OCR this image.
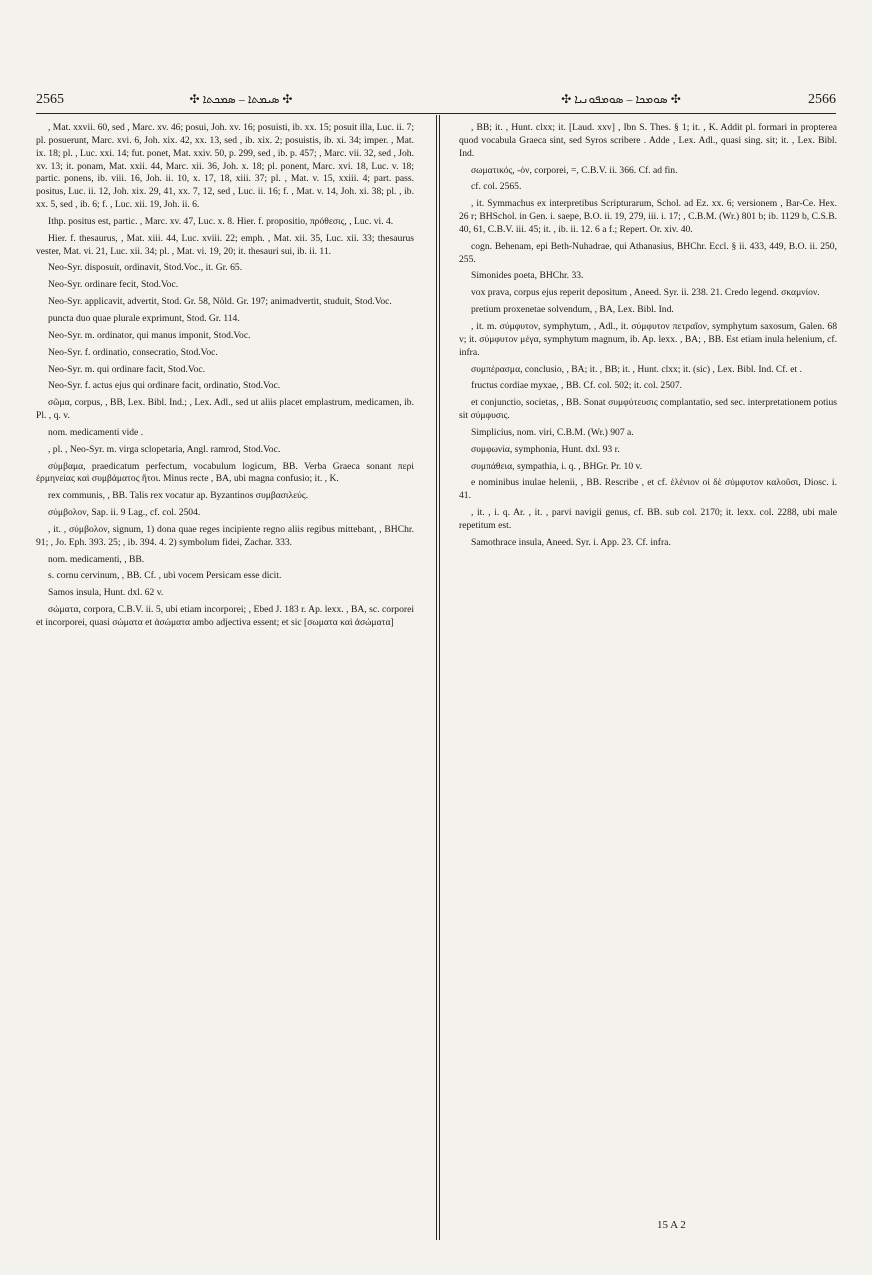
2565	✣ ܣܝܡܬܐ – ܣܡܟܬܐ ✣	✣ ܣܘܡܟܐ – ܣܘܡܦܘܢܝܐ ✣	2566

, Mat. xxvii. 60, sed , Marc. xv. 46; posui, Joh. xv. 16; posuisti, ib. xx. 15; posuit illa, Luc. ii. 7; pl. posuerunt, Marc. xvi. 6, Joh. xix. 42, xx. 13, sed , ib. xix. 2; posuistis, ib. xi. 34; imper. , Mat. ix. 18; pl. , Luc. xxi. 14; fut. ponet, Mat. xxiv. 50, p. 299, sed , ib. p. 457; , Marc. vii. 32, sed , Joh. xv. 13; it. ponam, Mat. xxii. 44, Marc. xii. 36, Joh. x. 18; pl. ponent, Marc. xvi. 18, Luc. v. 18; partic. ponens, ib. viii. 16, Joh. ii. 10, x. 17, 18, xiii. 37; pl. , Mat. v. 15, xxiii. 4; part. pass. positus, Luc. ii. 12, Joh. xix. 29, 41, xx. 7, 12, sed , Luc. ii. 16; f. , Mat. v. 14, Joh. xi. 38; pl. , ib. xx. 5, sed , ib. 6; f. , Luc. xii. 19, Joh. ii. 6.

Ithp. positus est, partic. , Marc. xv. 47, Luc. x. 8. Hier. f. propositio, πρόθεσις, , Luc. vi. 4.

Hier. f. thesaurus, , Mat. xiii. 44, Luc. xviii. 22; emph. , Mat. xii. 35, Luc. xii. 33; thesaurus vester, Mat. vi. 21, Luc. xii. 34; pl. , Mat. vi. 19, 20; it. thesauri sui, ib. ii. 11.

Neo-Syr. disposuit, ordinavit, Stod.Voc., it. Gr. 65.

Neo-Syr. ordinare fecit, Stod.Voc.

Neo-Syr. applicavit, advertit, Stod. Gr. 58, Nöld. Gr. 197; animadvertit, studuit, Stod.Voc.

puncta duo quae plurale exprimunt, Stod. Gr. 114.

Neo-Syr. m. ordinator, qui manus imponit, Stod.Voc.

Neo-Syr. f. ordinatio, consecratio, Stod.Voc.

Neo-Syr. m. qui ordinare facit, Stod.Voc.

Neo-Syr. f. actus ejus qui ordinare facit, ordinatio, Stod.Voc.

σῶμα, corpus, , BB, Lex. Bibl. Ind.; , Lex. Adl., sed ut aliis placet emplastrum, medicamen, ib. Pl. , q. v.

nom. medicamenti vide .

, pl. , Neo-Syr. m. virga sclopetaria, Angl. ramrod, Stod.Voc.

σύμβαμα, praedicatum perfectum, vocabulum logicum, BB. Verba Graeca sonant περὶ ἑρμηνείας καὶ συμβάματος ἤτοι. Minus recte , BA, ubi magna confusio; it. , K.

rex communis, , BB. Talis rex vocatur ap. Byzantinos συμβασιλεύς.

σύμβολον, Sap. ii. 9 Lag., cf. col. 2504.

, it. , σύμβολον, signum, 1) dona quae reges incipiente regno aliis regibus mittebant, , BHChr. 91; , Jo. Eph. 393. 25; , ib. 394. 4. 2) symbolum fidei, Zachar. 333.

nom. medicamenti, , BB.

s. cornu cervinum, , BB. Cf. , ubi vocem Persicam esse dicit.

Samos insula, Hunt. dxl. 62 v.

σώματα, corpora, C.B.V. ii. 5, ubi etiam incorporei; , Ebed J. 183 r. Ap. lexx. , BA, sc. corporei et incorporei, quasi σώματα et ἀσώματα ambo adjectiva essent; et sic [σωματα καὶ ἀσώματα]

, BB; it. , Hunt. clxx; it. [Laud. xxv] , Ibn S. Thes. § 1; it. , K. Addit pl. formari in propterea quod vocabula Graeca sint, sed Syros scribere . Adde , Lex. Adl., quasi sing. sit; it. , Lex. Bibl. Ind.

σωματικός, -όν, corporei, =, C.B.V. ii. 366. Cf. ad fin.

cf. col. 2565.

, it. Symmachus ex interpretibus Scripturarum, Schol. ad Ez. xx. 6; versionem , Bar-Ce. Hex. 26 r; BHSchol. in Gen. i. saepe, B.O. ii. 19, 279, iii. i. 17; , C.B.M. (Wr.) 801 b; ib. 1129 b, C.S.B. 40, 61, C.B.V. iii. 45; it. , ib. ii. 12. 6 a f.; Repert. Or. xiv. 40.

cogn. Behenam, epi Beth-Nuhadrae, qui Athanasius, BHChr. Eccl. § ii. 433, 449, B.O. ii. 250, 255.

Simonides poeta, BHChr. 33.

vox prava, corpus ejus reperit depositum , Aneed. Syr. ii. 238. 21. Credo legend. σκαμνίον.

pretium proxenetae solvendum, , BA, Lex. Bibl. Ind.

, it. m. σύμφυτον, symphytum, , Adl., it. σύμφυτον πετραῖον, symphytum saxosum, Galen. 68 v; it. σύμφυτον μέγα, symphytum magnum, ib. Ap. lexx. , BA; , BB. Est etiam inula helenium, cf. infra.

συμπέρασμα, conclusio, , BA; it. , BB; it. , Hunt. clxx; it. (sic) , Lex. Bibl. Ind. Cf. et .

fructus cordiae myxae, , BB. Cf. col. 502; it. col. 2507.

et conjunctio, societas, , BB. Sonat συμφύτευσις complantatio, sed sec. interpretationem potius sit σύμφυσις.

Simplicius, nom. viri, C.B.M. (Wr.) 907 a.

συμφωνία, symphonia, Hunt. dxl. 93 r.

συμπάθεια, sympathia, i. q. , BHGr. Pr. 10 v.

e nominibus inulae helenii, , BB. Rescribe , et cf. ἑλένιον οἱ δὲ σύμφυτον καλοῦσι, Diosc. i. 41.

, it. , i. q. Ar. , it. , parvi navigii genus, cf. BB. sub col. 2170; it. lexx. col. 2288, ubi male repetitum est.

Samothrace insula, Aneed. Syr. i. App. 23. Cf. infra.

15 A 2
